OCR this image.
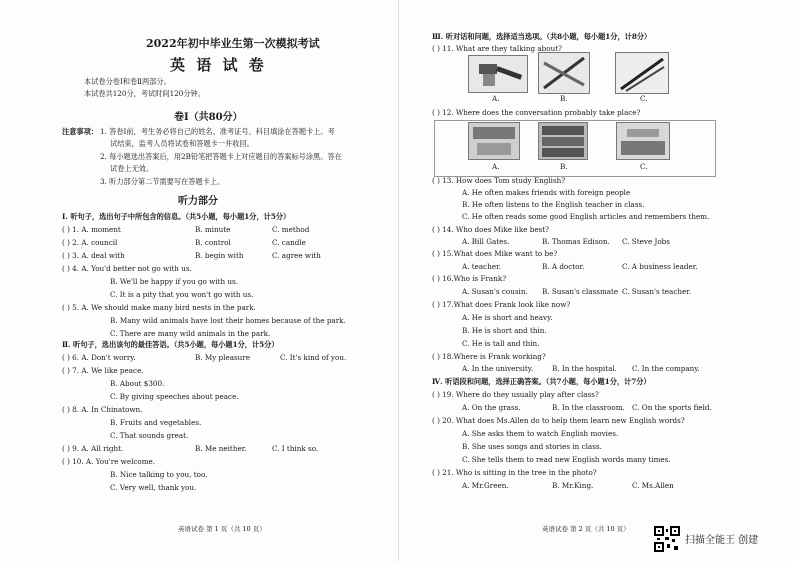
2022年初中毕业生第一次模拟考试
英 语 试 卷
本试卷分卷Ⅰ和卷Ⅱ两部分。
本试卷共120分，考试时间120分钟。
卷Ⅰ（共80分）
注意事项： 1. 答卷Ⅰ前，考生务必将自己的姓名、准考证号、科目填涂在答题卡上。考
试结束，监考人员将试卷和答题卡一并收回。
2. 每小题选出答案后，用2B铅笔把答题卡上对应题目的答案标号涂黑。答在
试卷上无效。
3. 听力部分第二节需要写在答题卡上。
听力部分
Ⅰ. 听句子，选出句子中所包含的信息。（共5小题，每小题1分，计5分）
( ) 1. A. moment	B. minute	C. method
( ) 2. A. council	B. control	C. candle
( ) 3. A. deal with	B. begin with	C. agree with
( ) 4. A. You'd better not go with us.
B. We'll be happy if you go with us.
C. It is a pity that you won't go with us.
( ) 5. A. We should make many bird nests in the park.
B. Many wild animals have lost their homes because of the park.
C. There are many wild animals in the park.
Ⅱ. 听句子，选出该句的最佳答语。（共5小题，每小题1分，计5分）
( ) 6. A. Don't worry.	B. My pleasure	C. It's kind of you.
( ) 7. A. We like peace.
B. About $300.
C. By giving speeches about peace.
( ) 8. A. In Chinatown.
B. Fruits and vegetables.
C. That sounds great.
( ) 9. A. All right.	B. Me neither.	C. I think so.
( ) 10. A. You're welcome.
B. Nice talking to you, too.
C. Very well, thank you.
英语试卷 第 1 页（共 10 页）
Ⅲ. 听对话和问题，选择适当选项。（共8小题，每小题1分，计8分）
( ) 11. What are they talking about?
A.	B.	C.
( ) 12. Where does the conversation probably take place?
A.	B.	C.
( ) 13. How does Tom study English?
A. He often makes friends with foreign people
B. He often listens to the English teacher in class.
C. He often reads some good English articles and remembers them.
( ) 14. Who does Mike like best?
A. Bill Gates.	B. Thomas Edison. C. Steve Jobs
( ) 15.What does Mike want to be?
A. teacher.	B. A doctor.	C. A business leader.
( ) 16.Who is Frank?
A. Susan's cousin. B. Susan's classmate C. Susan's teacher.
( ) 17.What does Frank look like now?
A. He is short and heavy.
B. He is short and thin.
C. He is tall and thin.
( ) 18.Where is Frank working?
A. In the university.	B. In the hospital. C. In the company.
Ⅳ. 听语段和问题，选择正确答案。（共7小题，每小题1分，计7分）
( ) 19. Where do they usually play after class?
A. On the grass.	B. In the classroom. C. On the sports field.
( ) 20. What does Ms.Allen do to help them learn new English words?
A. She asks them to watch English movies.
B. She uses songs and stories in class.
C. She tells them to read new English words many times.
( ) 21. Who is sitting in the tree in the photo?
A. Mr.Green.	B. Mr.King.	C. Ms.Allen
英语试卷 第 2 页（共 10 页）
扫描全能王 创建
